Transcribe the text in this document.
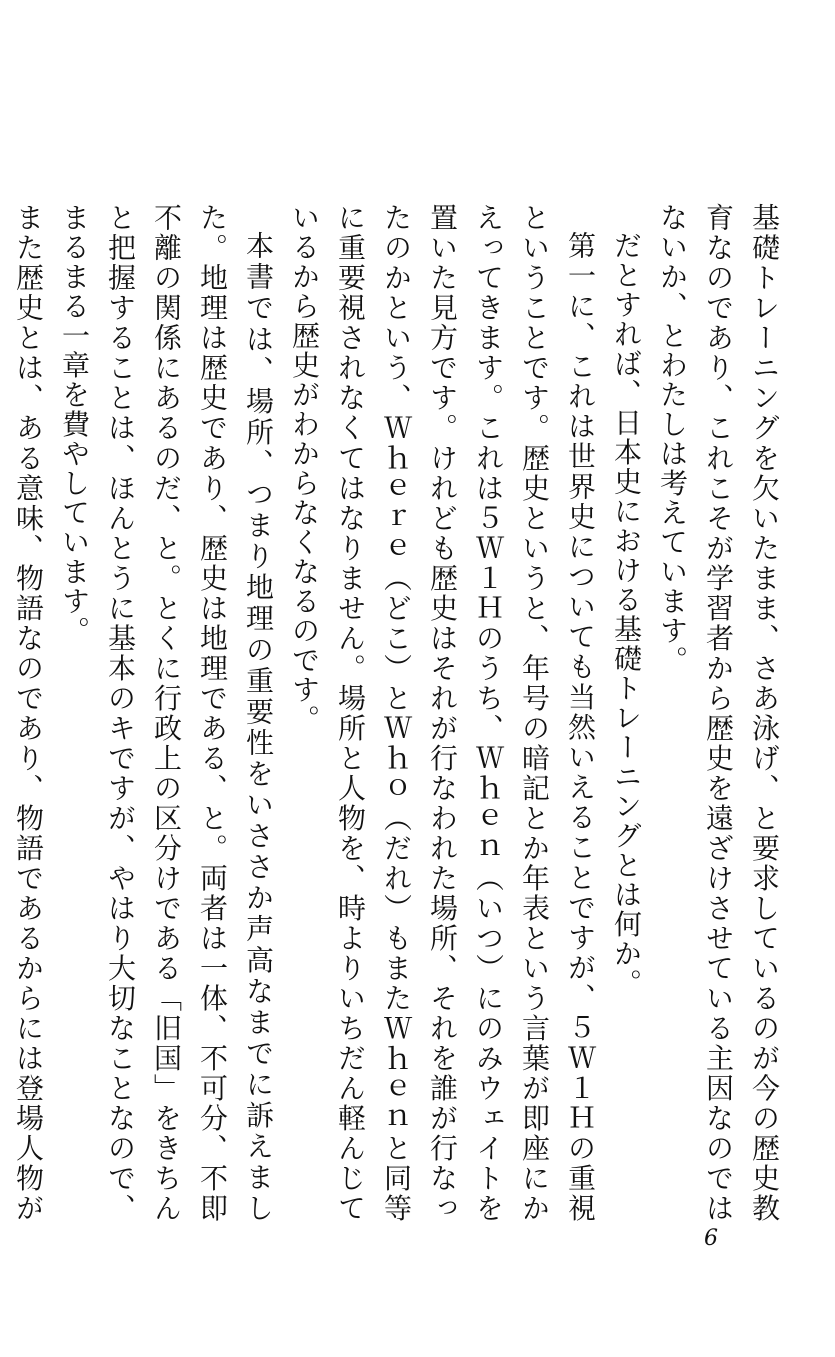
基礎トレーニングを欠いたまま、さあ泳げ、と要求しているのが今の歴史教育なのであり、これこそが学習者から歴史を遠ざけさせている主因なのではないか、とわたしは考えています。

だとすれば、日本史における基礎トレーニングとは何か。

第一に、これは世界史についても当然いえることですが、５Ｗ１Ｈの重視ということです。歴史というと、年号の暗記とか年表という言葉が即座にかえってきます。これは５Ｗ１Ｈのうち、Ｗｈｅｎ（いつ）にのみウェイトを置いた見方です。けれども歴史はそれが行なわれた場所、それを誰が行なったのかという、Ｗｈｅｒｅ（どこ）とＷｈｏ（だれ）もまたＷｈｅｎと同等に重要視されなくてはなりません。場所と人物を、時よりいちだん軽んじているから歴史がわからなくなるのです。

本書では、場所、つまり地理の重要性をいささか声高なまでに訴えました。地理は歴史であり、歴史は地理である、と。両者は一体、不可分、不即不離の関係にあるのだ、と。とくに行政上の区分けである「旧国」をきちんと把握することは、ほんとうに基本のキですが、やはり大切なことなので、まるまる一章を費やしています。

また歴史とは、ある意味、物語なのであり、物語であるからには登場人物が

6
